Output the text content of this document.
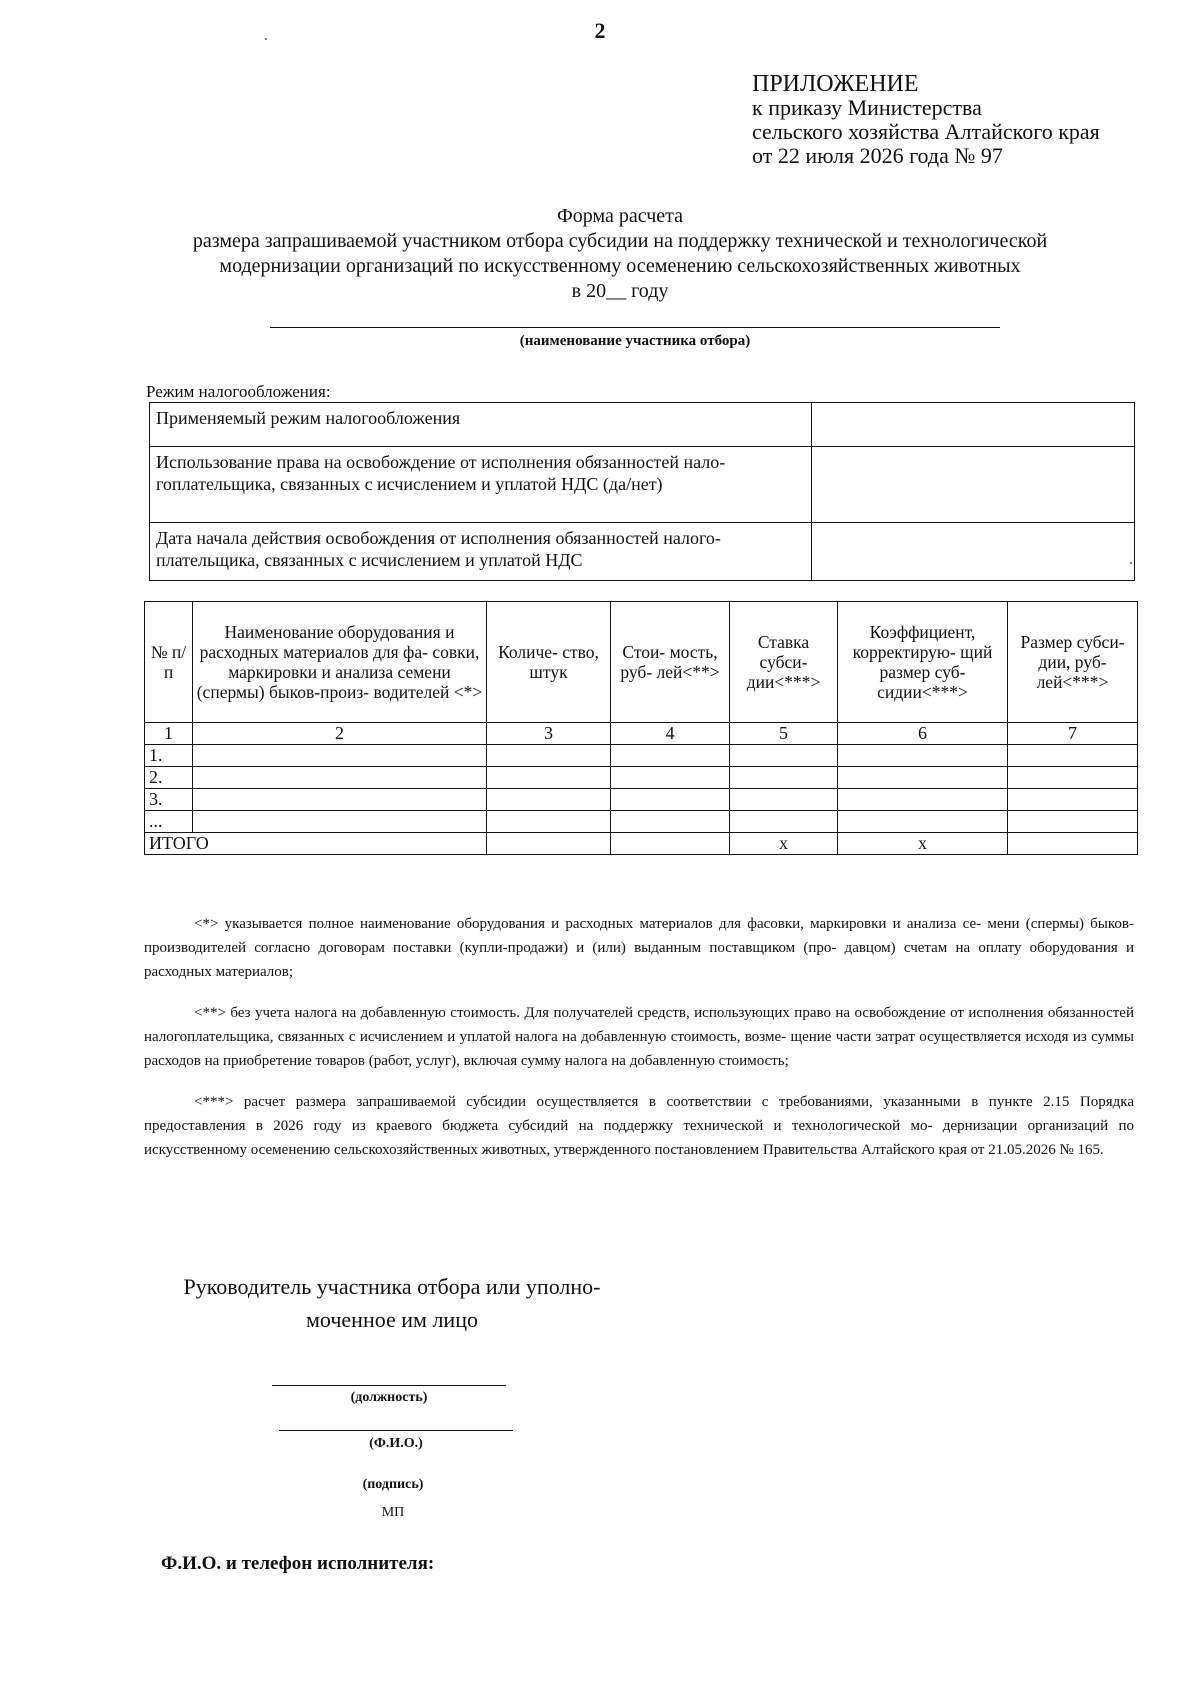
2
ПРИЛОЖЕНИЕ
к приказу Министерства
сельского хозяйства Алтайского края
от 22 июля 2026 года № 97
Форма расчета
размера запрашиваемой участником отбора субсидии на поддержку технической и технологической
модернизации организаций по искусственному осеменению сельскохозяйственных животных
в 20__ году
(наименование участника отбора)
Режим налогообложения:
Применяемый режим налогообложения	
Использование права на освобождение от исполнения обязанностей нало- гоплательщика, связанных с исчислением и уплатой НДС (да/нет)	
Дата начала действия освобождения от исполнения обязанностей налого- плательщика, связанных с исчислением и уплатой НДС	
№ п/п	Наименование оборудования и расходных материалов для фа- совки, маркировки и анализа семени (спермы) быков-произ- водителей <*>	Количе- ство, штук	Стои- мость, руб- лей<**>	Ставка субси- дии<***>	Коэффициент, корректирую- щий размер суб- сидии<***>	Размер субси- дии, руб- лей<***>
1	2	3	4	5	6	7
1.						
2.						
3.						
...						
ИТОГО				x	x	

<*> указывается полное наименование оборудования и расходных материалов для фасовки, маркировки и анализа се- мени (спермы) быков-производителей согласно договорам поставки (купли-продажи) и (или) выданным поставщиком (про- давцом) счетам на оплату оборудования и расходных материалов;

<**> без учета налога на добавленную стоимость. Для получателей средств, использующих право на освобождение от исполнения обязанностей налогоплательщика, связанных с исчислением и уплатой налога на добавленную стоимость, возме- щение части затрат осуществляется исходя из суммы расходов на приобретение товаров (работ, услуг), включая сумму налога на добавленную стоимость;

<***> расчет размера запрашиваемой субсидии осуществляется в соответствии с требованиями, указанными в пункте 2.15 Порядка предоставления в 2026 году из краевого бюджета субсидий на поддержку технической и технологической мо- дернизации организаций по искусственному осеменению сельскохозяйственных животных, утвержденного постановлением Правительства Алтайского края от 21.05.2026 № 165.

Руководитель участника отбора или уполно-
моченное им лицо
(должность)
(Ф.И.О.)
(подпись)
МП
Ф.И.О. и телефон исполнителя:
